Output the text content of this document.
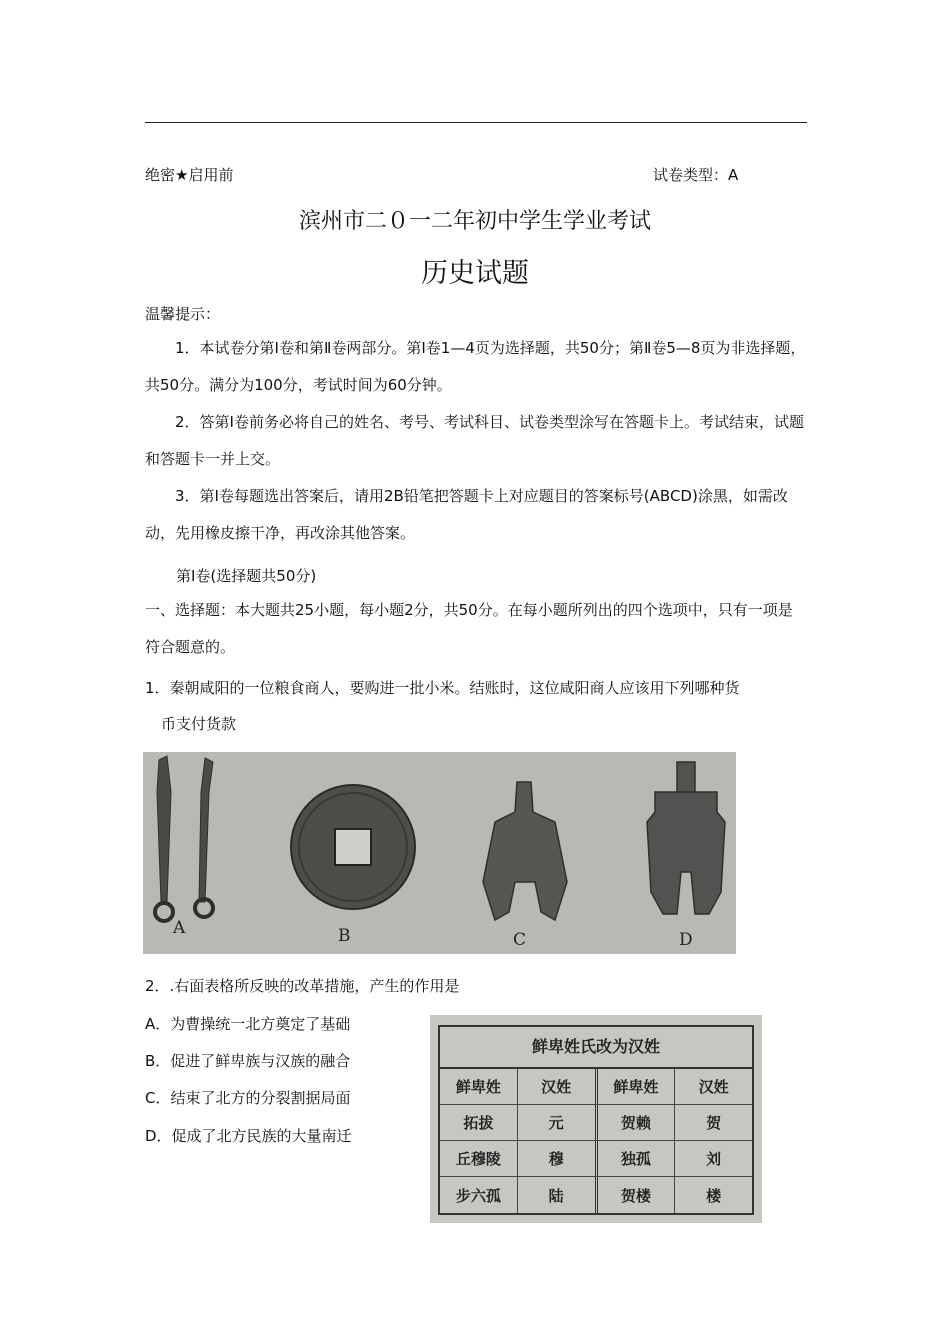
绝密★启用前	试卷类型：A
滨州市二０一二年初中学生学业考试
历史试题
温馨提示：
1．本试卷分第Ⅰ卷和第Ⅱ卷两部分。第Ⅰ卷1—4页为选择题，共50分；第Ⅱ卷5—8页为非选择题，共50分。满分为100分，考试时间为60分钟。
2．答第Ⅰ卷前务必将自己的姓名、考号、考试科目、试卷类型涂写在答题卡上。考试结束，试题和答题卡一并上交。
3．第Ⅰ卷每题选出答案后，请用2B铅笔把答题卡上对应题目的答案标号(ABCD)涂黑，如需改动，先用橡皮擦干净，再改涂其他答案。
第Ⅰ卷(选择题共50分)
一、选择题：本大题共25小题，每小题2分，共50分。在每小题所列出的四个选项中，只有一项是符合题意的。
1．秦朝咸阳的一位粮食商人，要购进一批小米。结账时，这位咸阳商人应该用下列哪种货
币支付货款
A	B	C	D
2．.右面表格所反映的改革措施，产生的作用是
A．为曹操统一北方奠定了基础
B．促进了鲜卑族与汉族的融合
C．结束了北方的分裂割据局面
D．促成了北方民族的大量南迁
鲜卑姓氏改为汉姓
鲜卑姓	汉姓	鲜卑姓	汉姓
拓拔	元	贺赖	贺
丘穆陵	穆	独孤	刘
步六孤	陆	贺楼	楼
